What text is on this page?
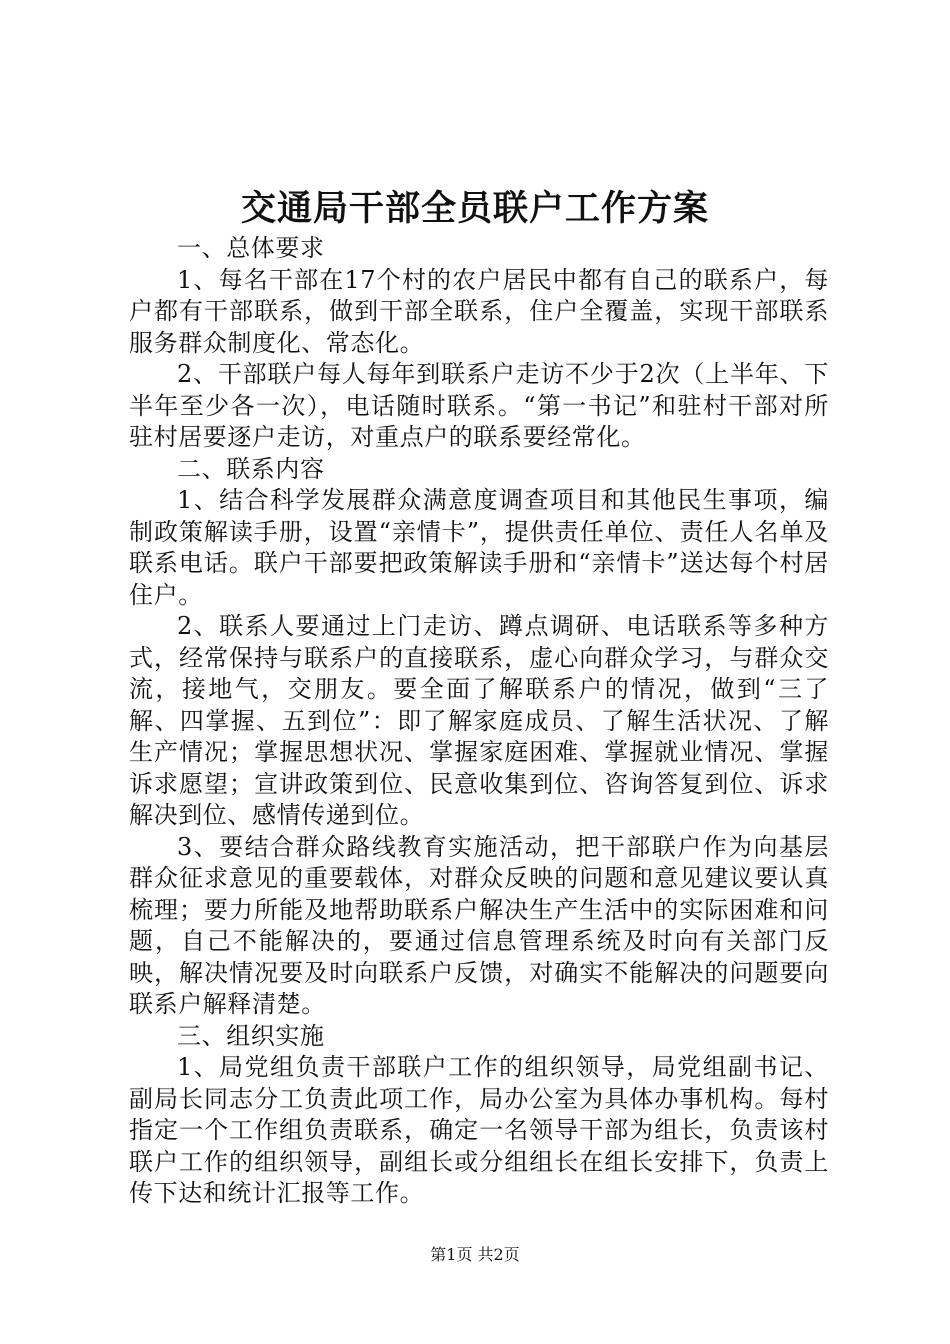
交通局干部全员联户工作方案

一、总体要求

1、每名干部在17个村的农户居民中都有自己的联系户，每户都有干部联系，做到干部全联系，住户全覆盖，实现干部联系服务群众制度化、常态化。

2、干部联户每人每年到联系户走访不少于2次（上半年、下半年至少各一次），电话随时联系。“第一书记”和驻村干部对所驻村居要逐户走访，对重点户的联系要经常化。

二、联系内容

1、结合科学发展群众满意度调查项目和其他民生事项，编制政策解读手册，设置“亲情卡”，提供责任单位、责任人名单及联系电话。联户干部要把政策解读手册和“亲情卡”送达每个村居住户。

2、联系人要通过上门走访、蹲点调研、电话联系等多种方式，经常保持与联系户的直接联系，虚心向群众学习，与群众交流，接地气，交朋友。要全面了解联系户的情况，做到“三了解、四掌握、五到位”：即了解家庭成员、了解生活状况、了解生产情况；掌握思想状况、掌握家庭困难、掌握就业情况、掌握诉求愿望；宣讲政策到位、民意收集到位、咨询答复到位、诉求解决到位、感情传递到位。

3、要结合群众路线教育实施活动，把干部联户作为向基层群众征求意见的重要载体，对群众反映的问题和意见建议要认真梳理；要力所能及地帮助联系户解决生产生活中的实际困难和问题，自己不能解决的，要通过信息管理系统及时向有关部门反映，解决情况要及时向联系户反馈，对确实不能解决的问题要向联系户解释清楚。

三、组织实施

1、局党组负责干部联户工作的组织领导，局党组副书记、副局长同志分工负责此项工作，局办公室为具体办事机构。每村指定一个工作组负责联系，确定一名领导干部为组长，负责该村联户工作的组织领导，副组长或分组组长在组长安排下，负责上传下达和统计汇报等工作。

第1页 共2页
